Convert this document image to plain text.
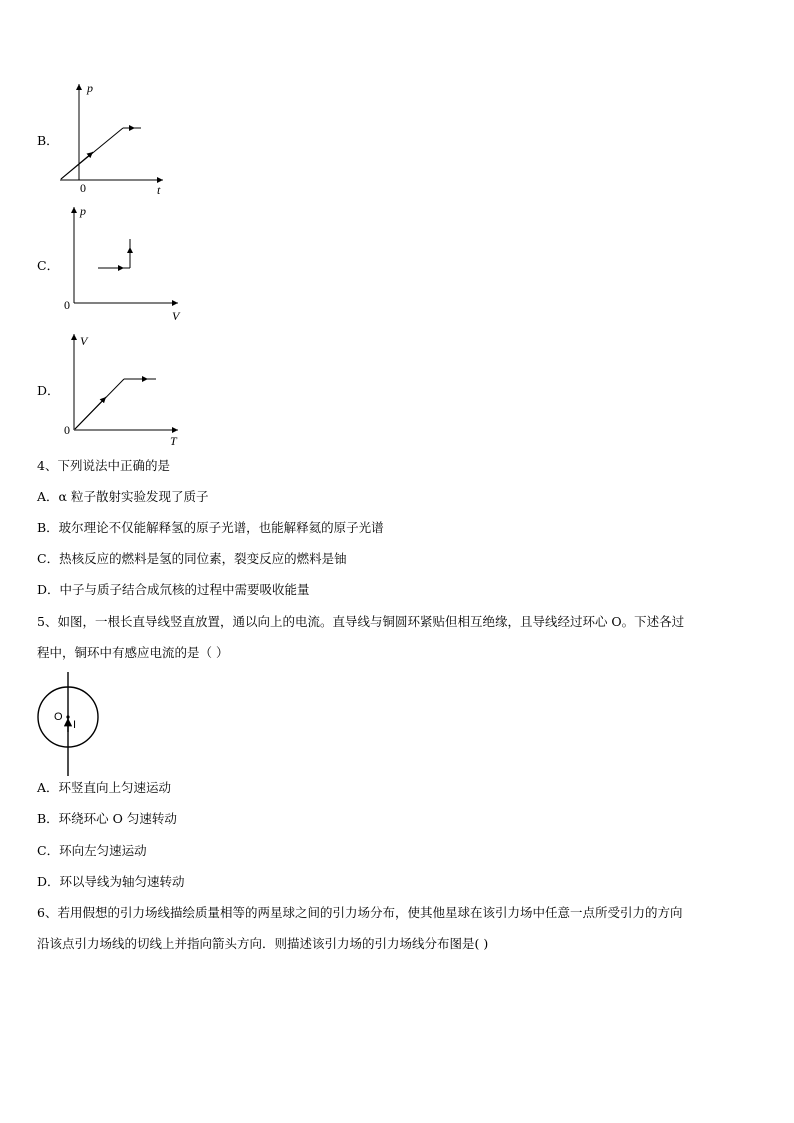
B．
p
t
0
C．
p
V
0
D．
V
T
0
4、下列说法中正确的是
A．α 粒子散射实验发现了质子
B．玻尔理论不仅能解释氢的原子光谱，也能解释氦的原子光谱
C．热核反应的燃料是氢的同位素，裂变反应的燃料是铀
D．中子与质子结合成氘核的过程中需要吸收能量
5、如图，一根长直导线竖直放置，通以向上的电流。直导线与铜圆环紧贴但相互绝缘，且导线经过环心 O。下述各过
程中，铜环中有感应电流的是（ ）
O
I
A．环竖直向上匀速运动
B．环绕环心 O 匀速转动
C．环向左匀速运动
D．环以导线为轴匀速转动
6、若用假想的引力场线描绘质量相等的两星球之间的引力场分布，使其他星球在该引力场中任意一点所受引力的方向
沿该点引力场线的切线上并指向箭头方向．则描述该引力场的引力场线分布图是( )
